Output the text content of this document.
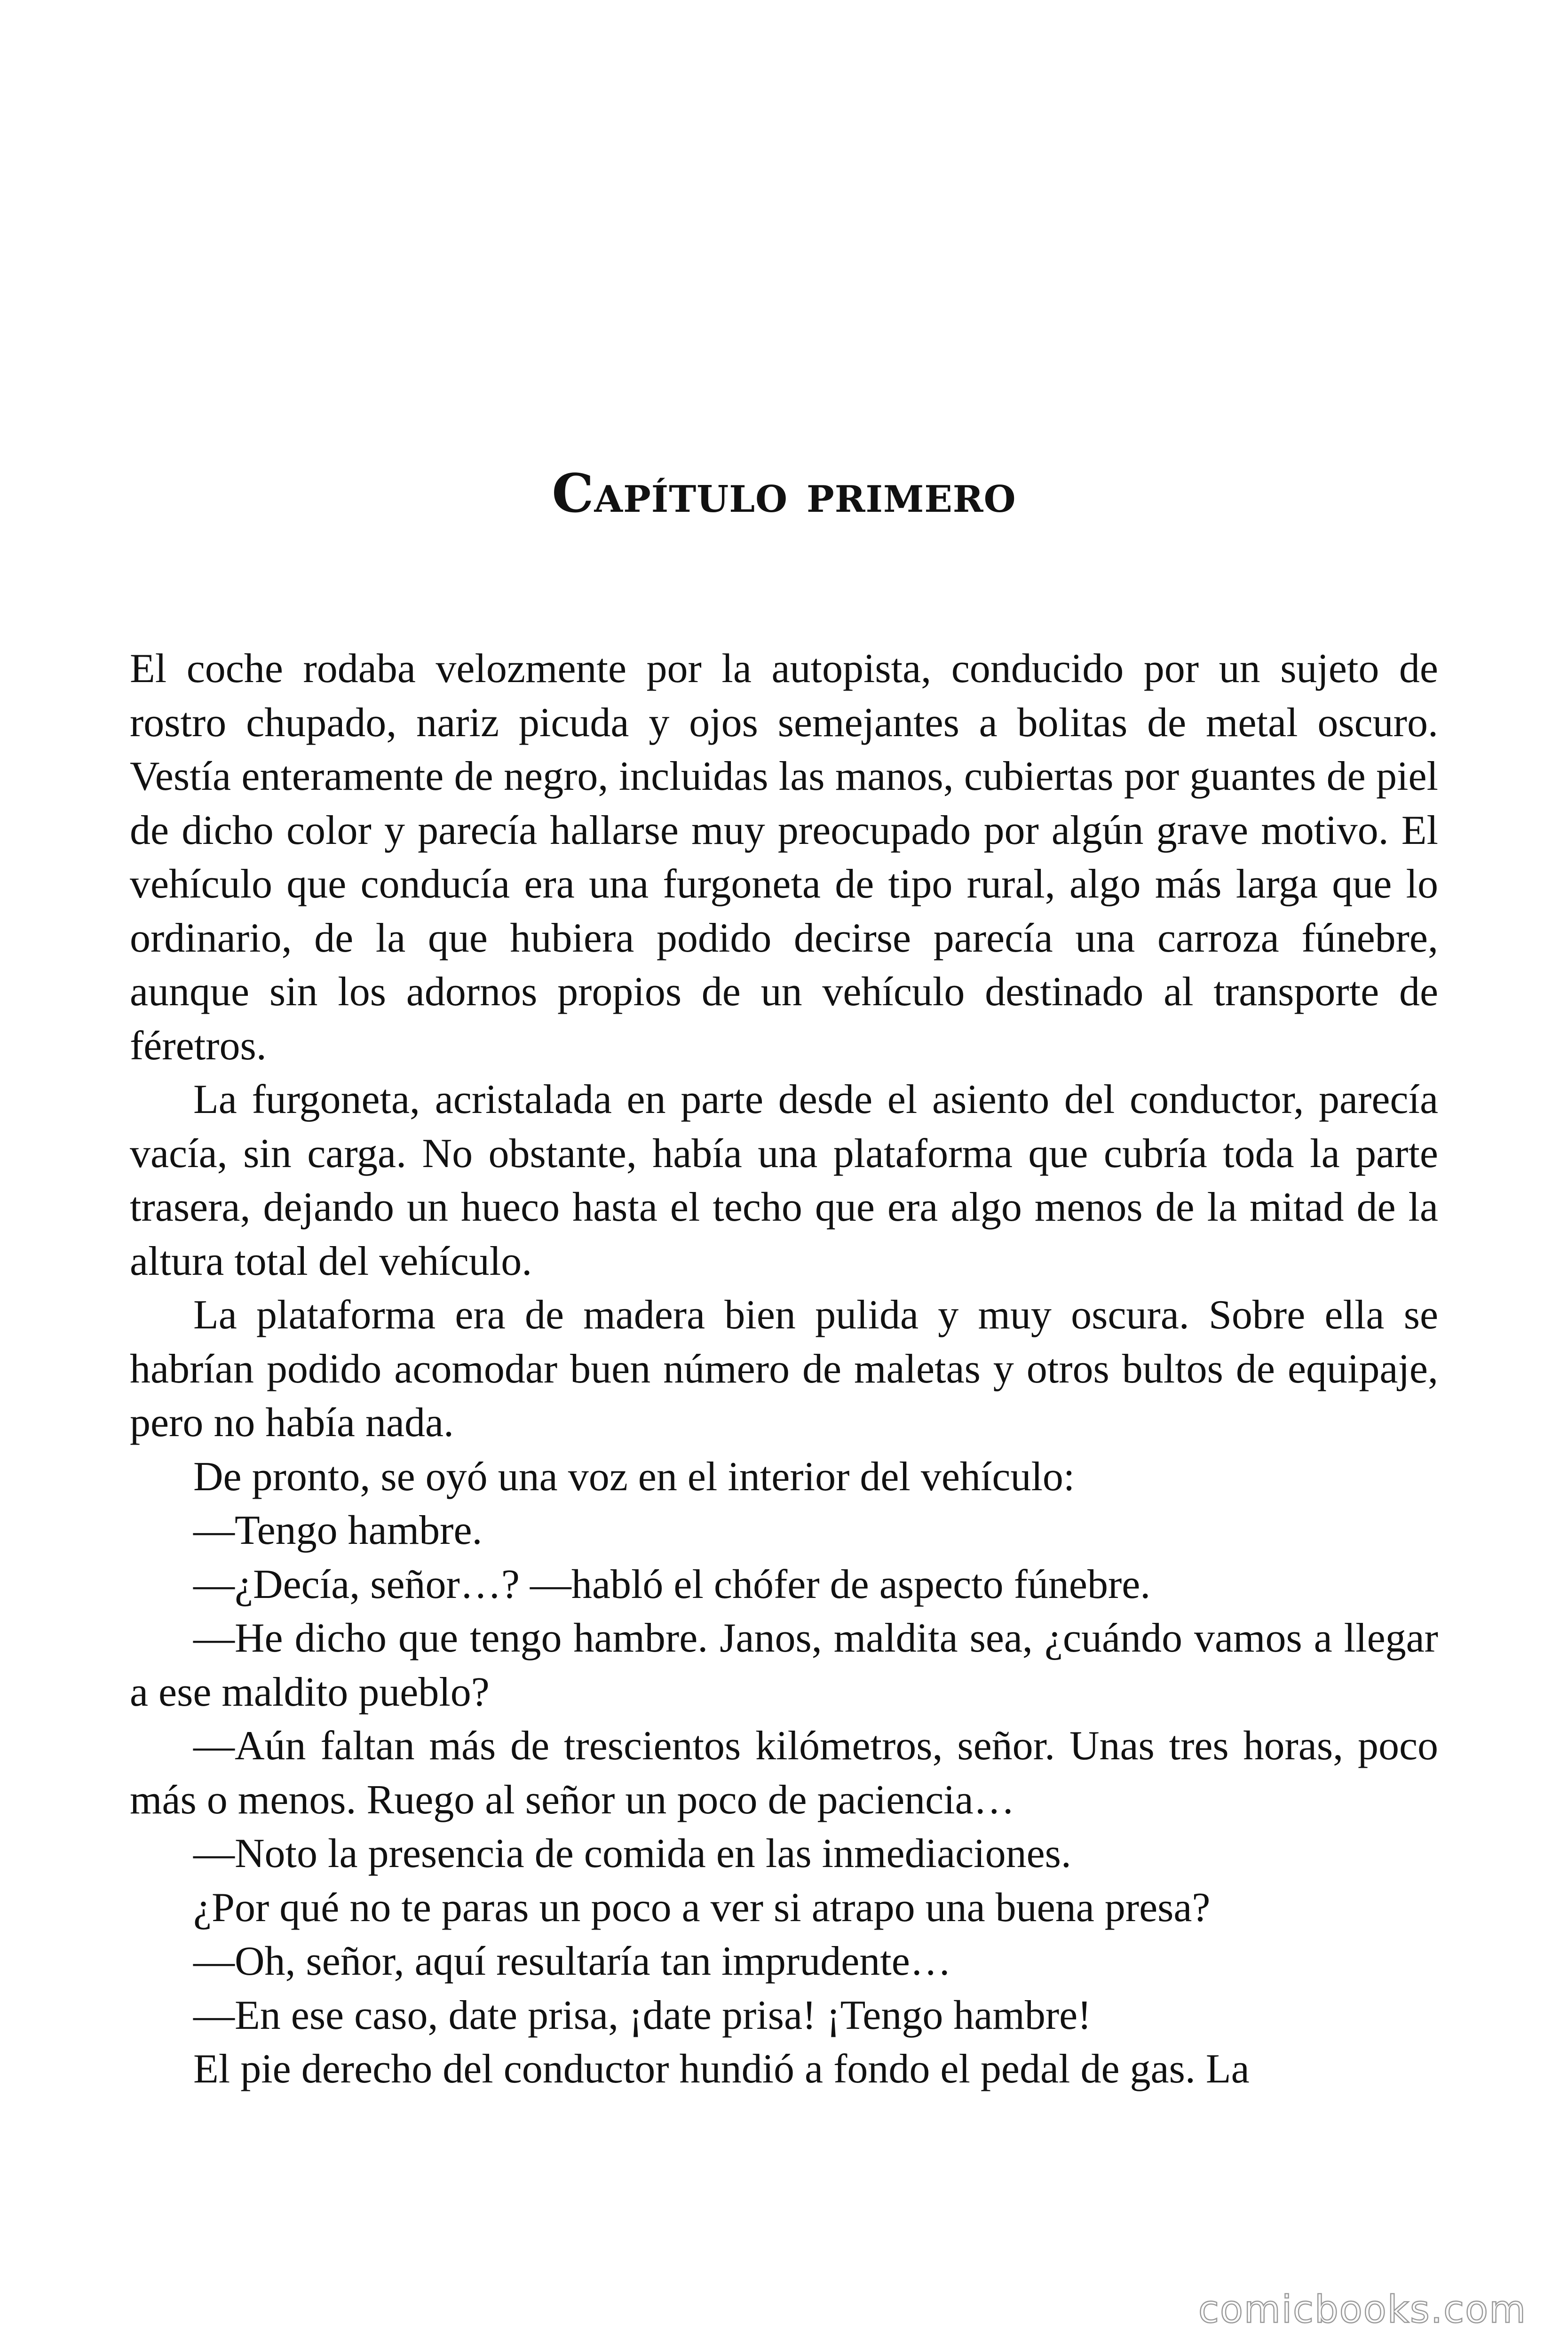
Capítulo primero

El coche rodaba velozmente por la autopista, conducido por un sujeto de rostro chupado, nariz picuda y ojos semejantes a bolitas de metal oscuro. Vestía enteramente de negro, incluidas las manos, cubiertas por guantes de piel de dicho color y parecía hallarse muy preocupado por algún grave motivo. El vehículo que conducía era una furgoneta de tipo rural, algo más larga que lo ordinario, de la que hubiera podido decirse parecía una carroza fúnebre, aunque sin los adornos propios de un vehículo destinado al transporte de féretros.

La furgoneta, acristalada en parte desde el asiento del conductor, parecía vacía, sin carga. No obstante, había una plataforma que cubría toda la parte trasera, dejando un hueco hasta el techo que era algo menos de la mitad de la altura total del vehículo.

La plataforma era de madera bien pulida y muy oscura. Sobre ella se habrían podido acomodar buen número de maletas y otros bultos de equipaje, pero no había nada.

De pronto, se oyó una voz en el interior del vehículo:

—Tengo hambre.

—¿Decía, señor…? —habló el chófer de aspecto fúnebre.

—He dicho que tengo hambre. Janos, maldita sea, ¿cuándo vamos a llegar a ese maldito pueblo?

—Aún faltan más de trescientos kilómetros, señor. Unas tres horas, poco más o menos. Ruego al señor un poco de paciencia…

—Noto la presencia de comida en las inmediaciones.

¿Por qué no te paras un poco a ver si atrapo una buena presa?

—Oh, señor, aquí resultaría tan imprudente…

—En ese caso, date prisa, ¡date prisa! ¡Tengo hambre!

El pie derecho del conductor hundió a fondo el pedal de gas. La

comicbooks.com
